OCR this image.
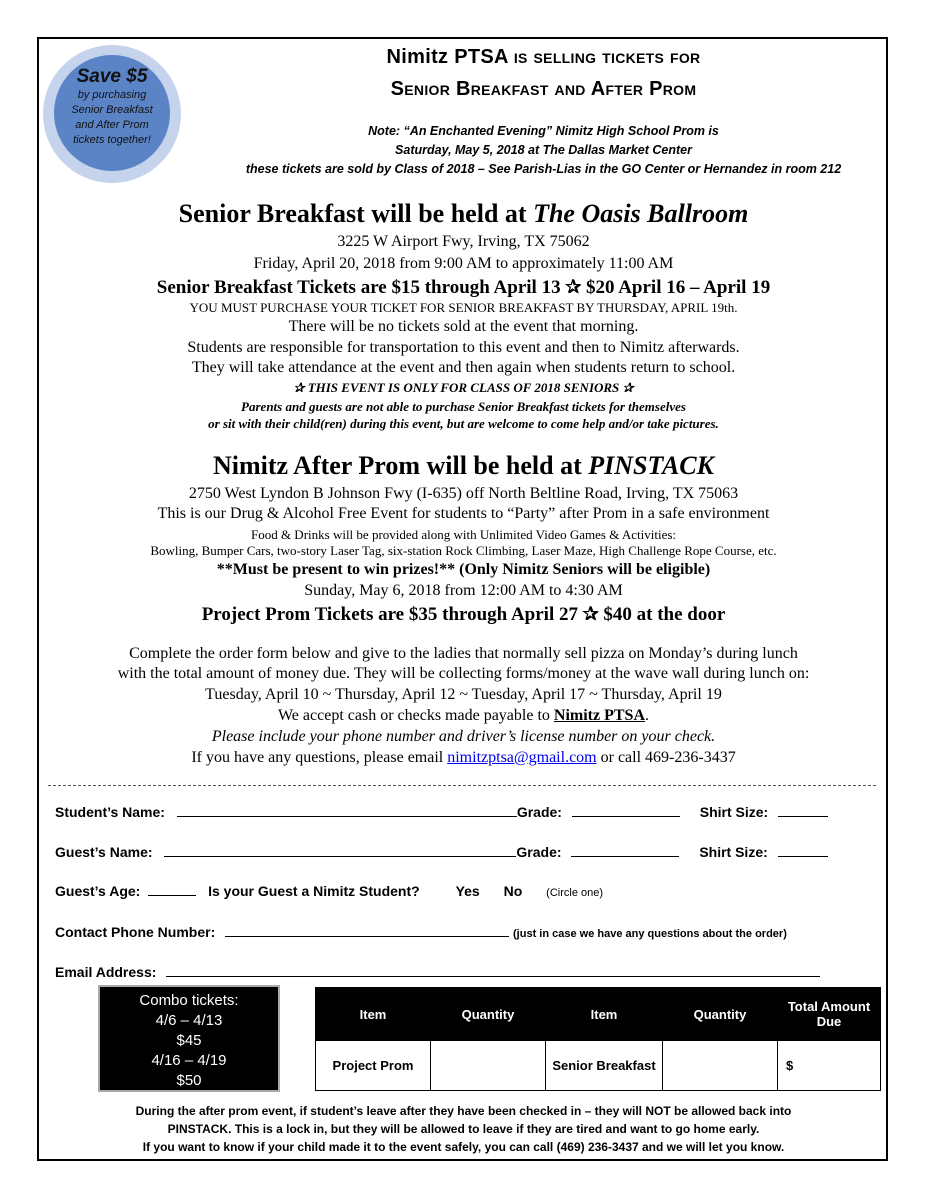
Save $5
by purchasing
Senior Breakfast
and After Prom
tickets together!
Nimitz PTSA is selling tickets for
Senior Breakfast and After Prom
Note: “An Enchanted Evening” Nimitz High School Prom is
Saturday, May 5, 2018 at The Dallas Market Center
these tickets are sold by Class of 2018 – See Parish-Lias in the GO Center or Hernandez in room 212
Senior Breakfast will be held at The Oasis Ballroom
3225 W Airport Fwy, Irving, TX 75062
Friday, April 20, 2018 from 9:00 AM to approximately 11:00 AM
Senior Breakfast Tickets are $15 through April 13 ✰ $20 April 16 – April 19
YOU MUST PURCHASE YOUR TICKET FOR SENIOR BREAKFAST BY THURSDAY, APRIL 19th.
There will be no tickets sold at the event that morning.
Students are responsible for transportation to this event and then to Nimitz afterwards.
They will take attendance at the event and then again when students return to school.
✰ THIS EVENT IS ONLY FOR CLASS OF 2018 SENIORS ✰
Parents and guests are not able to purchase Senior Breakfast tickets for themselves
or sit with their child(ren) during this event, but are welcome to come help and/or take pictures.
Nimitz After Prom will be held at PINSTACK
2750 West Lyndon B Johnson Fwy (I-635) off North Beltline Road, Irving, TX 75063
This is our Drug & Alcohol Free Event for students to “Party” after Prom in a safe environment
Food & Drinks will be provided along with Unlimited Video Games & Activities:
Bowling, Bumper Cars, two-story Laser Tag, six-station Rock Climbing, Laser Maze, High Challenge Rope Course, etc.
**Must be present to win prizes!** (Only Nimitz Seniors will be eligible)
Sunday, May 6, 2018 from 12:00 AM to 4:30 AM
Project Prom Tickets are $35 through April 27 ✰ $40 at the door
Complete the order form below and give to the ladies that normally sell pizza on Monday’s during lunch
with the total amount of money due. They will be collecting forms/money at the wave wall during lunch on:
Tuesday, April 10 ~ Thursday, April 12 ~ Tuesday, April 17 ~ Thursday, April 19
We accept cash or checks made payable to Nimitz PTSA.
Please include your phone number and driver’s license number on your check.
If you have any questions, please email nimitzptsa@gmail.com or call 469-236-3437
Student’s Name:	Grade:	Shirt Size:
Guest’s Name:	Grade:	Shirt Size:
Guest’s Age:	Is your Guest a Nimitz Student?	Yes No (Circle one)
Contact Phone Number:	(just in case we have any questions about the order)
Email Address:
Combo tickets:
4/6 – 4/13
$45
4/16 – 4/19
$50
Item	Quantity	Item	Quantity	Total Amount Due
Project Prom		Senior Breakfast		$
During the after prom event, if student’s leave after they have been checked in – they will NOT be allowed back into
PINSTACK. This is a lock in, but they will be allowed to leave if they are tired and want to go home early.
If you want to know if your child made it to the event safely, you can call (469) 236-3437 and we will let you know.
